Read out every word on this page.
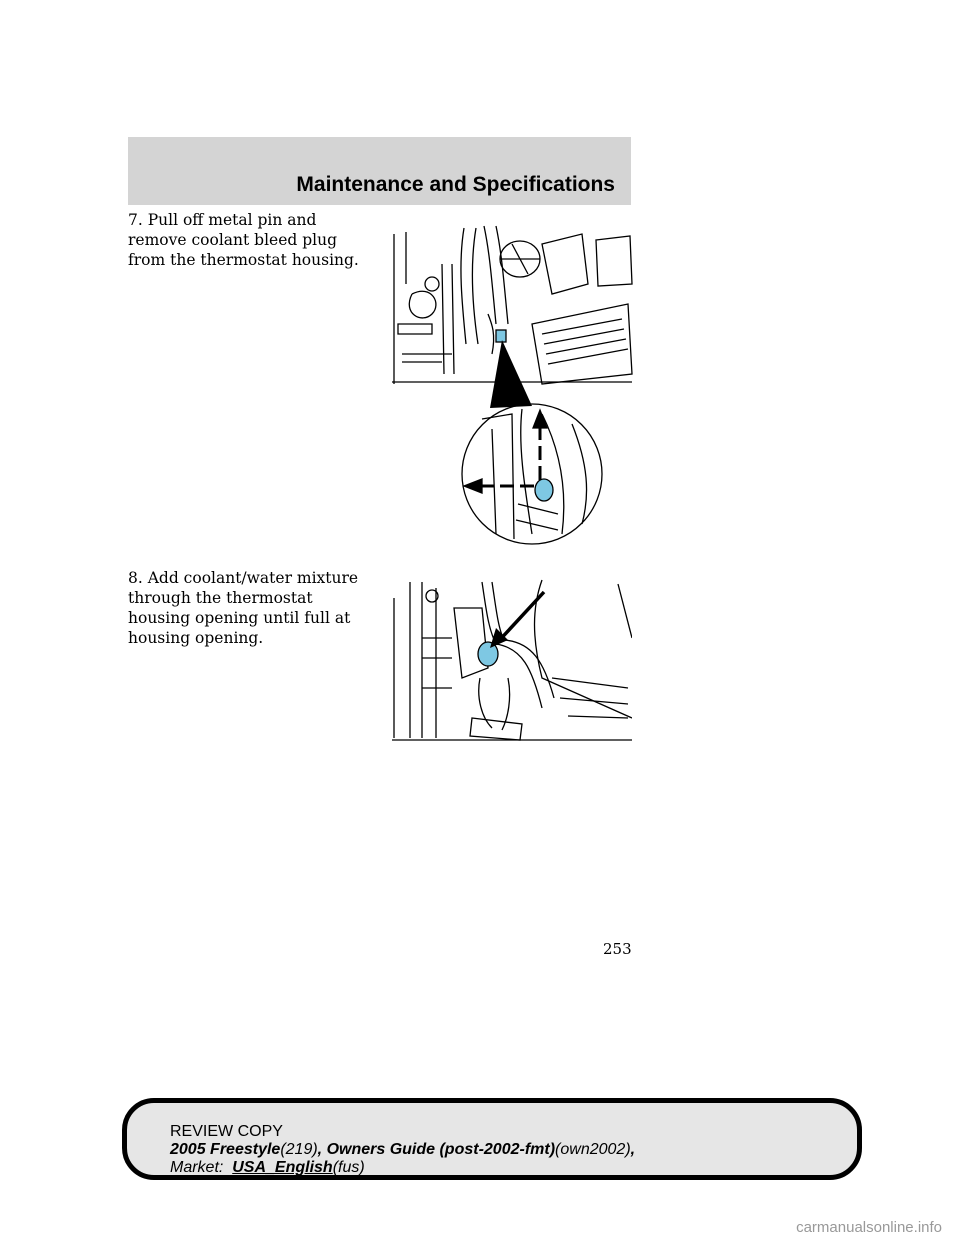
Maintenance and Specifications
7. Pull off metal pin and remove coolant bleed plug from the thermostat housing.
8. Add coolant/water mixture through the thermostat housing opening until full at housing opening.
253
REVIEW COPY
2005 Freestyle(219), Owners Guide (post-2002-fmt)(own2002),
Market: USA_English(fus)
carmanualsonline.info
